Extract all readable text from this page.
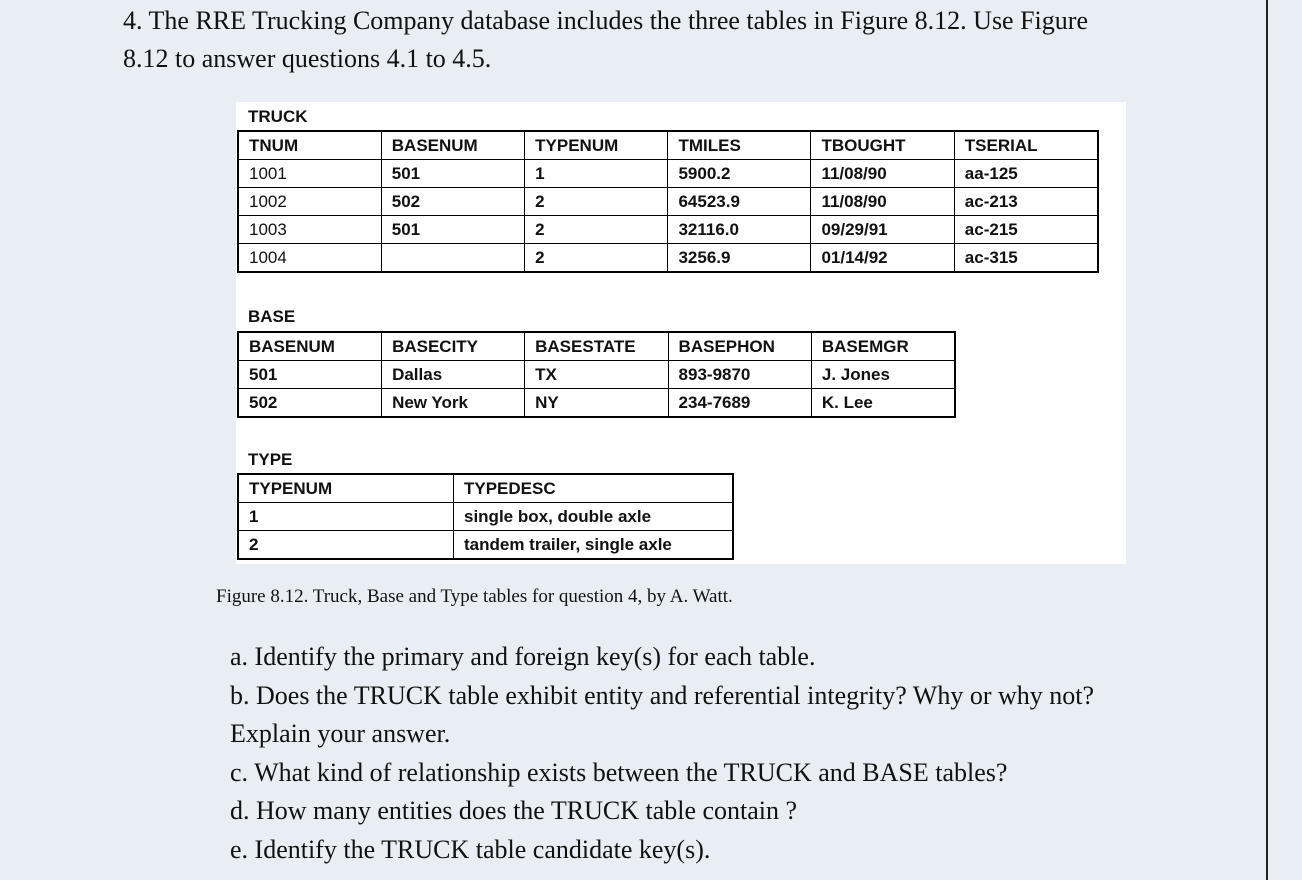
4. The RRE Trucking Company database includes the three tables in Figure 8.12. Use Figure
8.12 to answer questions 4.1 to 4.5.
TRUCK
TNUM	BASENUM	TYPENUM	TMILES	TBOUGHT	TSERIAL
1001	501	1	5900.2	11/08/90	aa-125
1002	502	2	64523.9	11/08/90	ac-213
1003	501	2	32116.0	09/29/91	ac-215
1004		2	3256.9	01/14/92	ac-315
BASE
BASENUM	BASECITY	BASESTATE	BASEPHON	BASEMGR
501	Dallas	TX	893-9870	J. Jones
502	New York	NY	234-7689	K. Lee
TYPE
TYPENUM	TYPEDESC
1	single box, double axle
2	tandem trailer, single axle
Figure 8.12. Truck, Base and Type tables for question 4, by A. Watt.
a. Identify the primary and foreign key(s) for each table.
b. Does the TRUCK table exhibit entity and referential integrity? Why or why not?
Explain your answer.
c. What kind of relationship exists between the TRUCK and BASE tables?
d. How many entities does the TRUCK table contain ?
e. Identify the TRUCK table candidate key(s).
